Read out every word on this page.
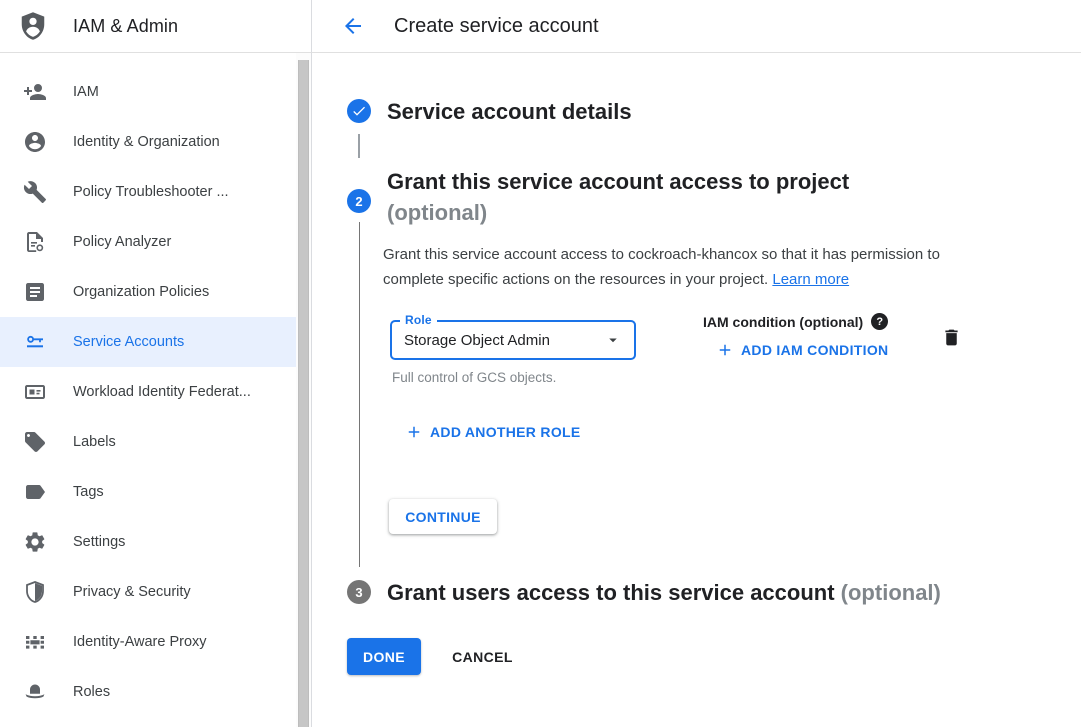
IAM & Admin	Create service account
IAM
Identity & Organization
Policy Troubleshooter ...
Policy Analyzer
Organization Policies
Service Accounts
Workload Identity Federat...
Labels
Tags
Settings
Privacy & Security
Identity-Aware Proxy
Roles
Service account details
2
Grant this service account access to project (optional)

Grant this service account access to cockroach-khancox so that it has permission to complete specific actions on the resources in your project. Learn more

Role
Storage Object Admin
Full control of GCS objects.
IAM condition (optional)	?
ADD IAM CONDITION
ADD ANOTHER ROLE
CONTINUE
3 Grant users access to this service account (optional)
DONE	CANCEL
